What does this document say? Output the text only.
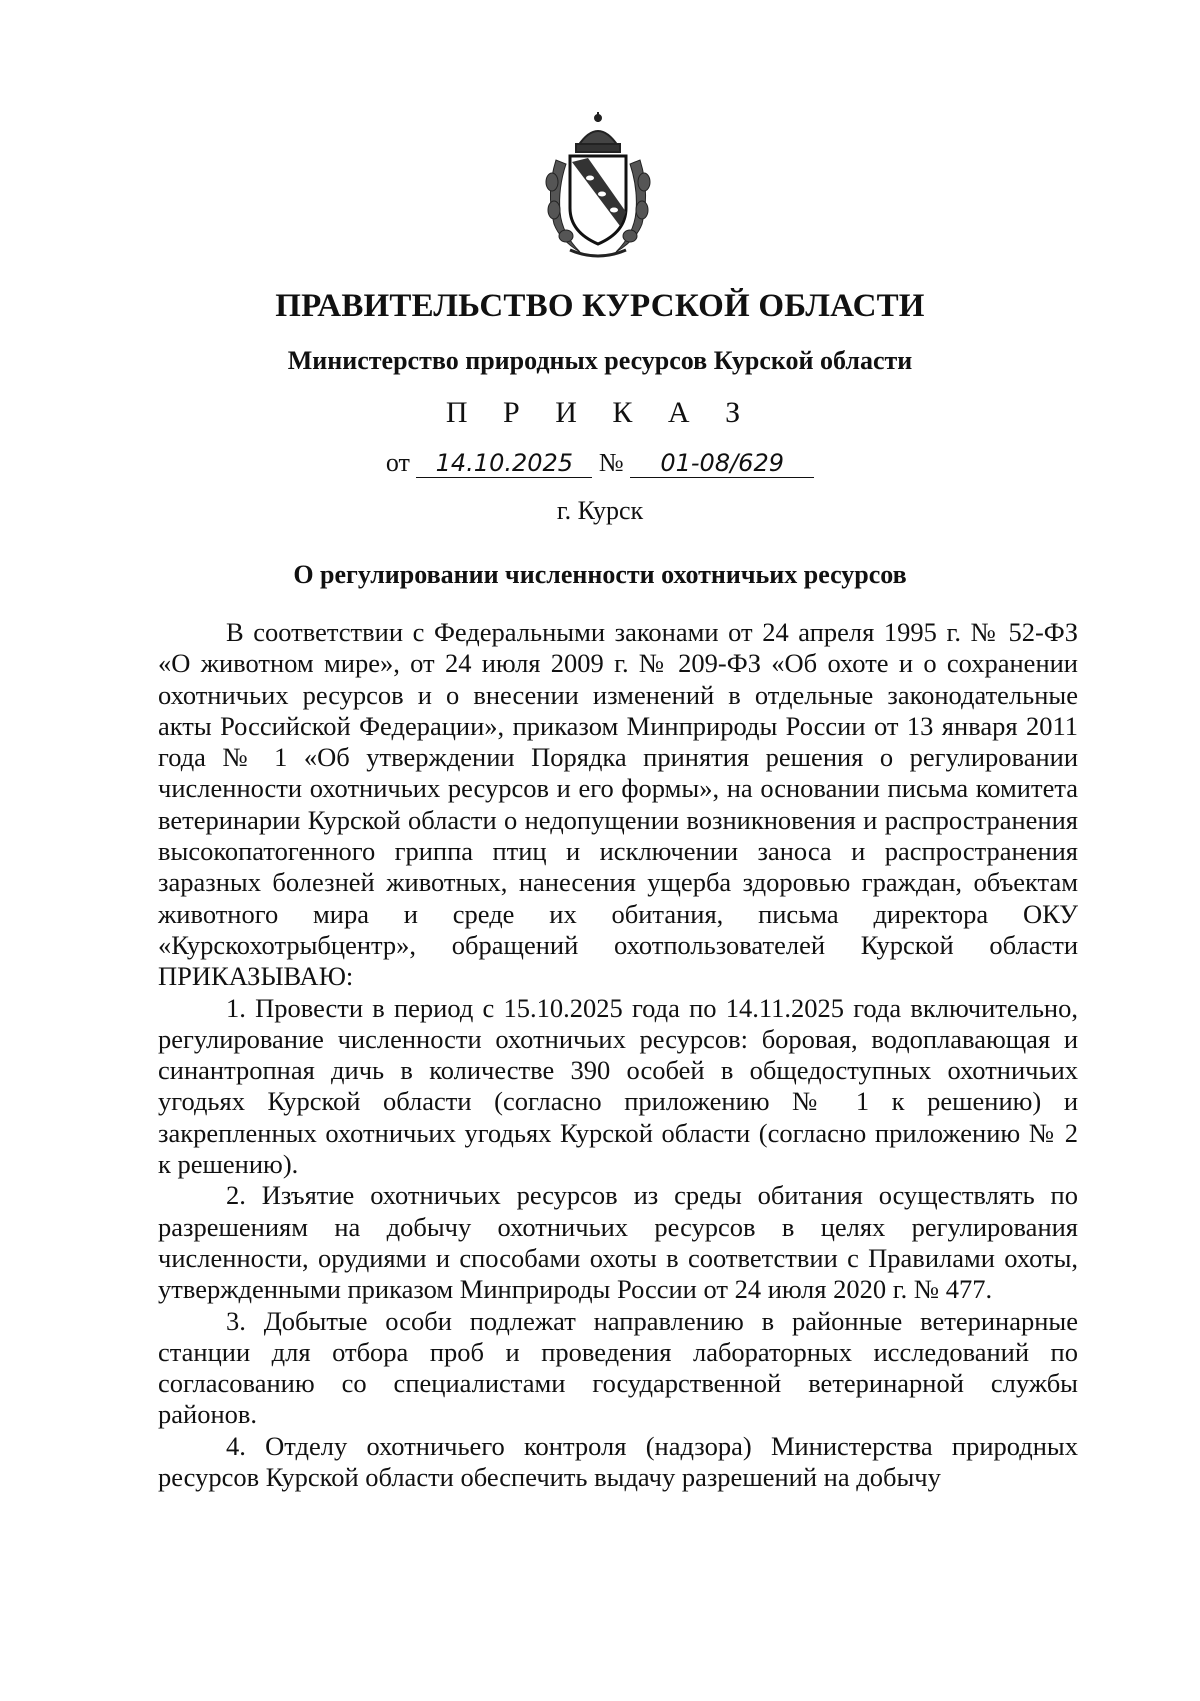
ПРАВИТЕЛЬСТВО КУРСКОЙ ОБЛАСТИ
Министерство природных ресурсов Курской области
П Р И К А З
от 14.10.2025 № 01-08/629
г. Курск
О регулировании численности охотничьих ресурсов

В соответствии с Федеральными законами от 24 апреля 1995 г. № 52-ФЗ «О животном мире», от 24 июля 2009 г. № 209-ФЗ «Об охоте и о сохранении охотничьих ресурсов и о внесении изменений в отдельные законодательные акты Российской Федерации», приказом Минприроды России от 13 января 2011 года № 1 «Об утверждении Порядка принятия решения о регулировании численности охотничьих ресурсов и его формы», на основании письма комитета ветеринарии Курской области о недопущении возникновения и распространения высокопатогенного гриппа птиц и исключении заноса и распространения заразных болезней животных, нанесения ущерба здоровью граждан, объектам животного мира и среде их обитания, письма директора ОКУ «Курскохотрыбцентр», обращений охотпользователей Курской области ПРИКАЗЫВАЮ:

1. Провести в период с 15.10.2025 года по 14.11.2025 года включительно, регулирование численности охотничьих ресурсов: боровая, водоплавающая и синантропная дичь в количестве 390 особей в общедоступных охотничьих угодьях Курской области (согласно приложению № 1 к решению) и закрепленных охотничьих угодьях Курской области (согласно приложению № 2 к решению).

2. Изъятие охотничьих ресурсов из среды обитания осуществлять по разрешениям на добычу охотничьих ресурсов в целях регулирования численности, орудиями и способами охоты в соответствии с Правилами охоты, утвержденными приказом Минприроды России от 24 июля 2020 г. № 477.

3. Добытые особи подлежат направлению в районные ветеринарные станции для отбора проб и проведения лабораторных исследований по согласованию со специалистами государственной ветеринарной службы районов.

4. Отделу охотничьего контроля (надзора) Министерства природных ресурсов Курской области обеспечить выдачу разрешений на добычу
